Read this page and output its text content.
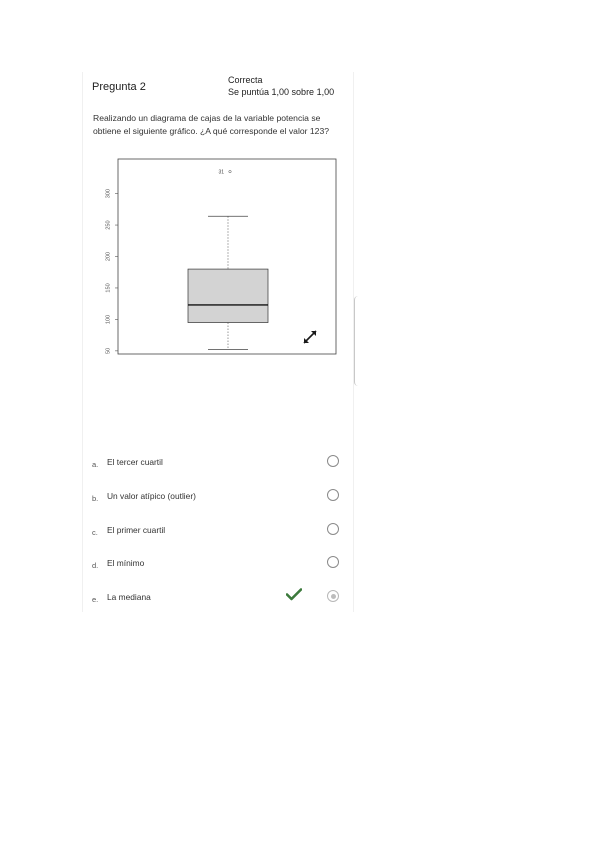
Pregunta 2
Correcta
Se puntúa 1,00 sobre 1,00
Realizando un diagrama de cajas de la variable potencia se obtiene el siguiente gráfico. ¿A qué corresponde el valor 123?
50
100
150
200
250
300
31
a. El tercer cuartil
b. Un valor atípico (outlier)
c. El primer cuartil
d. El mínimo
e. La mediana
